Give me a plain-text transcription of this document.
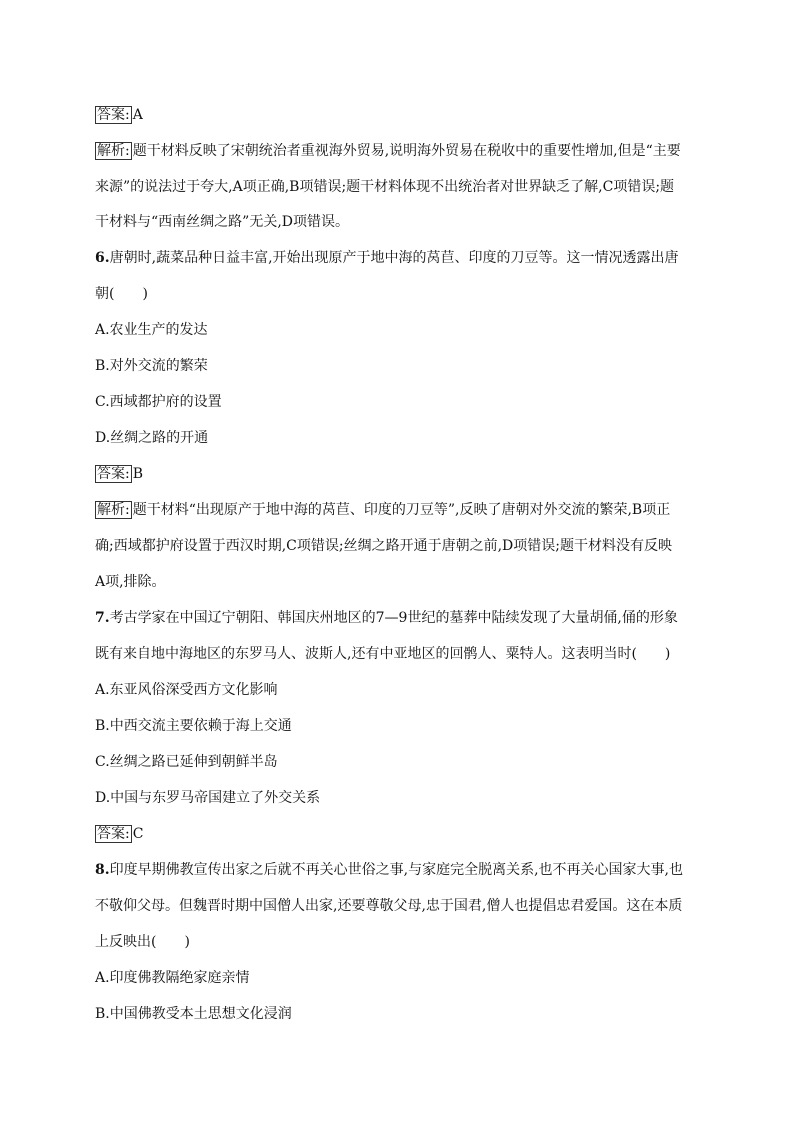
答案: A
解析: 题干材料反映了宋朝统治者重视海外贸易,说明海外贸易在税收中的重要性增加,但是“主要
来源”的说法过于夸大,A项正确,B项错误;题干材料体现不出统治者对世界缺乏了解,C项错误;题
干材料与“西南丝绸之路”无关,D项错误。
6.唐朝时,蔬菜品种日益丰富,开始出现原产于地中海的莴苣、印度的刀豆等。这一情况透露出唐
朝(　　)
A.农业生产的发达
B.对外交流的繁荣
C.西域都护府的设置
D.丝绸之路的开通
答案: B
解析: 题干材料“出现原产于地中海的莴苣、印度的刀豆等”,反映了唐朝对外交流的繁荣,B项正
确;西域都护府设置于西汉时期,C项错误;丝绸之路开通于唐朝之前,D项错误;题干材料没有反映
A项,排除。
7.考古学家在中国辽宁朝阳、韩国庆州地区的7—9世纪的墓葬中陆续发现了大量胡俑,俑的形象
既有来自地中海地区的东罗马人、波斯人,还有中亚地区的回鹘人、粟特人。这表明当时(　　)
A.东亚风俗深受西方文化影响
B.中西交流主要依赖于海上交通
C.丝绸之路已延伸到朝鲜半岛
D.中国与东罗马帝国建立了外交关系
答案: C
8.印度早期佛教宣传出家之后就不再关心世俗之事,与家庭完全脱离关系,也不再关心国家大事,也
不敬仰父母。但魏晋时期中国僧人出家,还要尊敬父母,忠于国君,僧人也提倡忠君爱国。这在本质
上反映出(　　)
A.印度佛教隔绝家庭亲情
B.中国佛教受本土思想文化浸润
